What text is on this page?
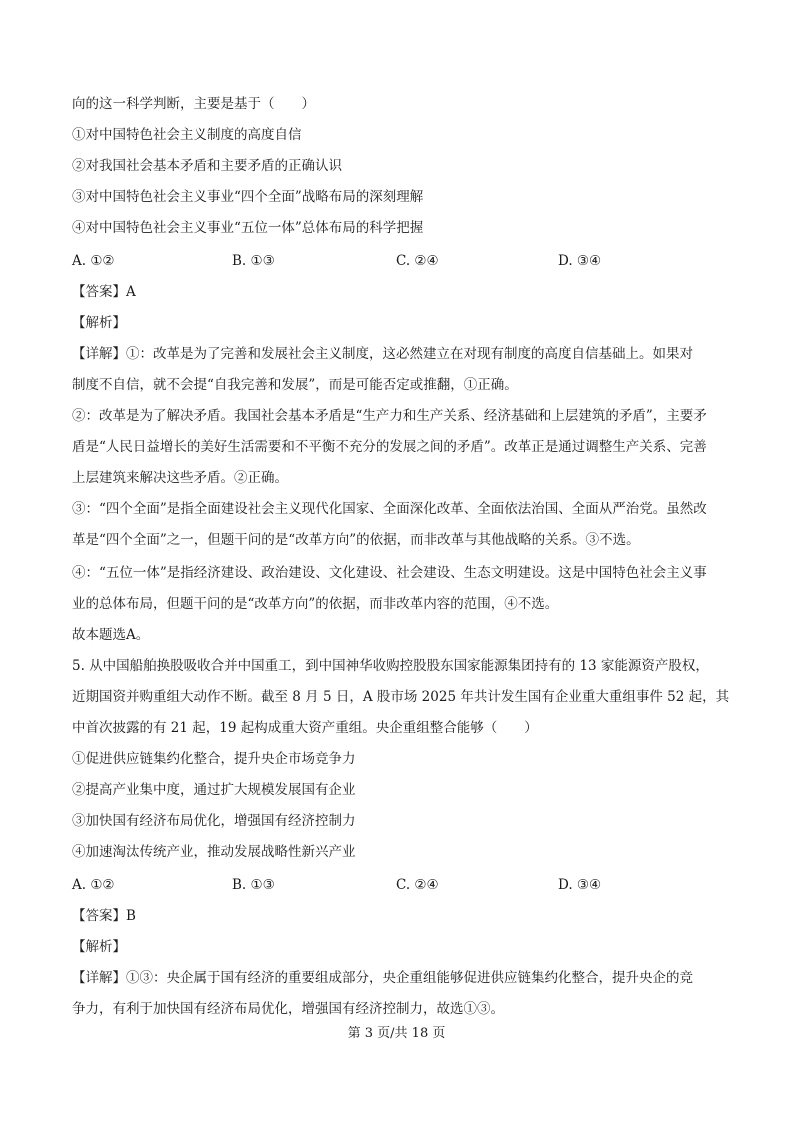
向的这一科学判断，主要是基于（　　）
①对中国特色社会主义制度的高度自信
②对我国社会基本矛盾和主要矛盾的正确认识
③对中国特色社会主义事业“四个全面”战略布局的深刻理解
④对中国特色社会主义事业“五位一体”总体布局的科学把握
A. ①②	B. ①③	C. ②④	D. ③④
【答案】A
【解析】
【详解】①：改革是为了完善和发展社会主义制度，这必然建立在对现有制度的高度自信基础上。如果对
制度不自信，就不会提“自我完善和发展”，而是可能否定或推翻，①正确。
②：改革是为了解决矛盾。我国社会基本矛盾是“生产力和生产关系、经济基础和上层建筑的矛盾”，主要矛
盾是“人民日益增长的美好生活需要和不平衡不充分的发展之间的矛盾”。改革正是通过调整生产关系、完善
上层建筑来解决这些矛盾。②正确。
③：“四个全面”是指全面建设社会主义现代化国家、全面深化改革、全面依法治国、全面从严治党。虽然改
革是“四个全面”之一，但题干问的是“改革方向”的依据，而非改革与其他战略的关系。③不选。
④：“五位一体”是指经济建设、政治建设、文化建设、社会建设、生态文明建设。这是中国特色社会主义事
业的总体布局，但题干问的是“改革方向”的依据，而非改革内容的范围，④不选。
故本题选A。
5. 从中国船舶换股吸收合并中国重工，到中国神华收购控股股东国家能源集团持有的 13 家能源资产股权，
近期国资并购重组大动作不断。截至 8 月 5 日，A 股市场 2025 年共计发生国有企业重大重组事件 52 起，其
中首次披露的有 21 起，19 起构成重大资产重组。央企重组整合能够（　　）
①促进供应链集约化整合，提升央企市场竞争力
②提高产业集中度，通过扩大规模发展国有企业
③加快国有经济布局优化，增强国有经济控制力
④加速淘汰传统产业，推动发展战略性新兴产业
A. ①②	B. ①③	C. ②④	D. ③④
【答案】B
【解析】
【详解】①③：央企属于国有经济的重要组成部分，央企重组能够促进供应链集约化整合，提升央企的竞
争力，有利于加快国有经济布局优化，增强国有经济控制力，故选①③。
第 3 页/共 18 页
